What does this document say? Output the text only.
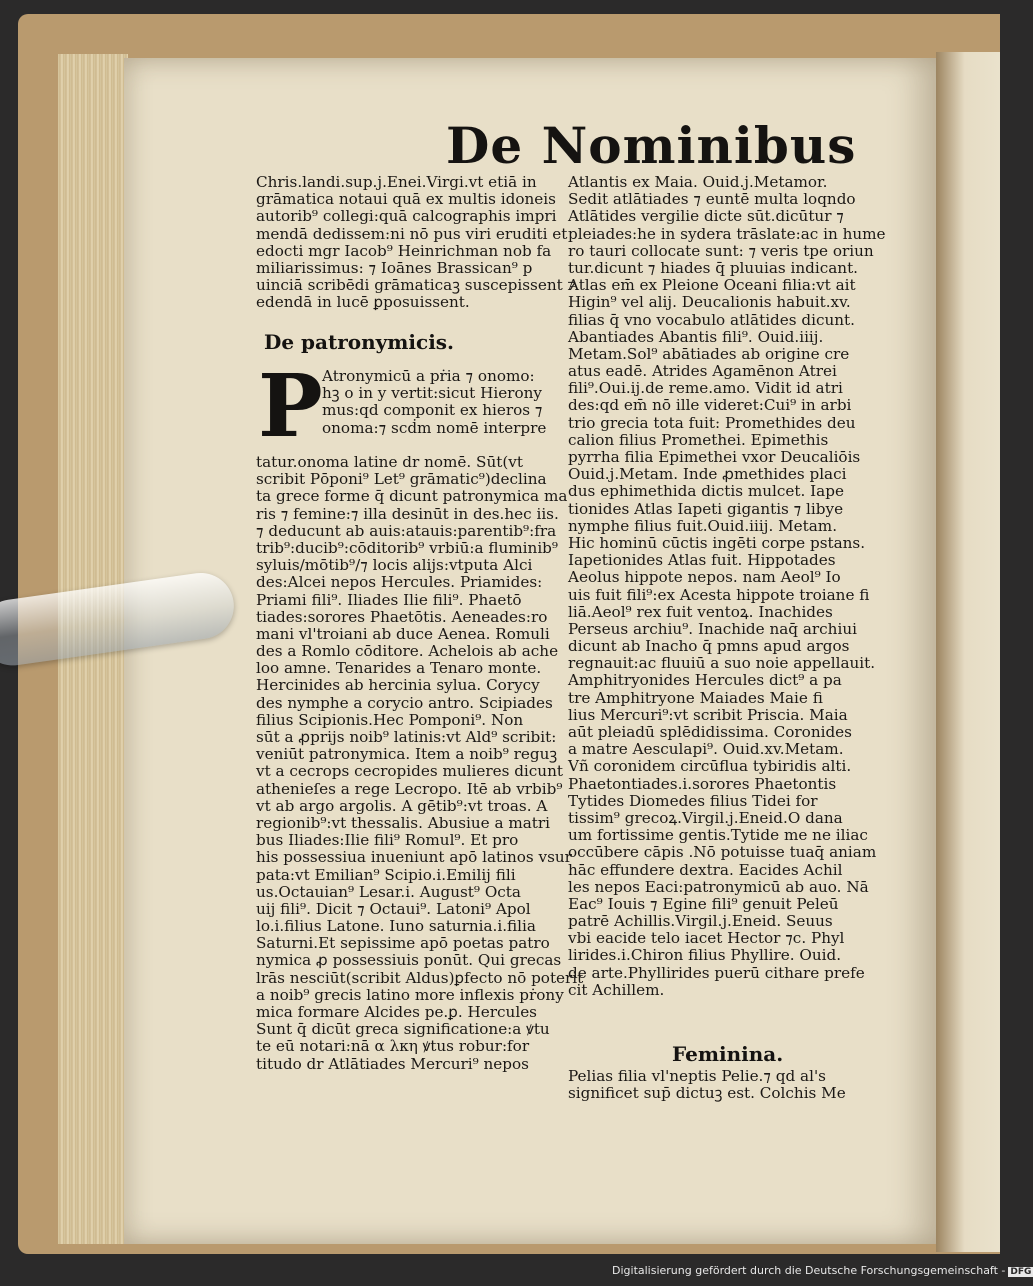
De Nominibus
Chris.landi.sup.j.Enei.Virgi.vt etiā in
grāmatica notaui quā ex multis idoneis
autorib⁹ collegi:quā calcographis impri
mendā dedissem:ni nō pus viri eruditi et
edocti mgr Iacob⁹ Heinrichman nob fa
miliarissimus: ⁊ Ioānes Brassican⁹ p
uinciā scribēdi grāmaticaꝫ suscepissent ⁊
edendā in lucē ꝑposuissent.
De patronymicis.
P Atronymicū a pṙia ⁊ onomo:
hꝫ o in y vertit:sicut Hierony
mus:qd componit ex hieros ⁊
onoma:⁊ scḋm nomē interpre
tatur.onoma latine dr nomē. Sūt(vt
scribit Pōponi⁹ Let⁹ grāmatic⁹)declina
ta grece forme q̄ dicunt patronymica ma
ris ⁊ femine:⁊ illa desinūt in des.hec iis.
⁊ deducunt ab auis:atauis:parentib⁹:fra
trib⁹:ducib⁹:cōditorib⁹ vrbiū:a fluminib⁹
syluis/mōtib⁹/⁊ locis alijs:vtputa Alci
des:Alcei nepos Hercules. Priamides:
Priami fili⁹. Iliades Ilie fili⁹. Phaetō
tiades:sorores Phaetōtis. Aeneades:ro
mani vl'troiani ab duce Aenea. Romuli
des a Romlo cōditore. Achelois ab ache
loo amne. Tenarides a Tenaro monte.
Hercinides ab hercinia sylua. Corycy
des nymphe a corycio antro. Scipiades
filius Scipionis.Hec Pomponi⁹. Non
sūt a ꝓprijs noib⁹ latinis:vt Ald⁹ scribit:
veniūt patronymica. Item a noib⁹ reguꝫ
vt a cecrops cecropides mulieres dicunt
athenieſes a rege Lecropo. Itē ab vrbib⁹
vt ab argo argolis. A gētib⁹:vt troas. A
regionib⁹:vt thessalis. Abusiue a matri
bus Iliades:Ilie fili⁹ Romul⁹. Et pro
his possessiua inueniunt apō latinos vsur
pata:vt Emilian⁹ Scipio.i.Emilij fili
us.Octauian⁹ Lesar.i. August⁹ Octa
uij fili⁹. Dicit ⁊ Octaui⁹. Latoni⁹ Apol
lo.i.filius Latone. Iuno saturnia.i.filia
Saturni.Et sepissime apō poetas patro
nymica ꝓ possessiuis ponūt. Qui grecas
lrās nesciūt(scribit Aldus)ꝑfecto nō poterit
a noib⁹ grecis latino more inflexis pṙony
mica formare Alcides pe.ꝑ. Hercules
Sunt q̄ dicūt greca significatione:a ꝟtu
te eū notari:nā α λκη ꝟtus robur:for
titudo dr Atlātiades Mercuri⁹ nepos
Atlantis ex Maia. Ouid.j.Metamor.
Sedit atlātiades ⁊ euntē multa loqndo
Atlātides vergilie dicte sūt.dicūtur ⁊
pleiades:he in sydera trāslate:ac in hume
ro tauri collocate sunt: ⁊ veris tpe oriun
tur.dicunt ⁊ hiades q̄ pluuias indicant.
Atlas em̄ ex Pleione Oceani filia:vt ait
Higin⁹ vel alij. Deucalionis habuit.xv.
filias q̄ vno vocabulo atlātides dicunt.
Abantiades Abantis fili⁹. Ouid.iiij.
Metam.Sol⁹ abātiades ab origine cre
atus eadē. Atrides Agamēnon Atrei
fili⁹.Oui.ij.de reme.amo. Vidit id atri
des:qd em̄ nō ille videret:Cui⁹ in arbi
trio grecia tota fuit: Promethides deu
calion filius Promethei. Epimethis
pyrrha filia Epimethei vxor Deucaliōis
Ouid.j.Metam. Inde ꝓmethides placi
dus ephimethida dictis mulcet. Iape
tionides Atlas Iapeti gigantis ⁊ libye
nymphe filius fuit.Ouid.iiij. Metam.
Hic hominū cūctis ingēti corpe pstans.
Iapetionides Atlas fuit. Hippotades
Aeolus hippote nepos. nam Aeol⁹ Io
uis fuit fili⁹:ex Acesta hippote troiane fi
liā.Aeol⁹ rex fuit ventoꝝ. Inachides
Perseus archiu⁹. Inachide naq̄ archiui
dicunt ab Inacho q̄ pmns apud argos
regnauit:ac fluuiū a suo noie appellauit.
Amphitryonides Hercules dict⁹ a pa
tre Amphitryone Maiades Maie fi
lius Mercuri⁹:vt scribit Priscia. Maia
aūt pleiadū splēdidissima. Coronides
a matre Aesculapi⁹. Ouid.xv.Metam.
Vñ coronidem circūflua tybiridis alti.
Phaetontiades.i.sorores Phaetontis
Tytides Diomedes filius Tidei for
tissim⁹ grecoꝝ.Virgil.j.Eneid.O dana
um fortissime gentis.Tytide me ne iliac
occūbere cāpis .Nō potuisse tuaq̄ aniam
hāc effundere dextra. Eacides Achil
les nepos Eaci:patronymicū ab auo. Nā
Eac⁹ Iouis ⁊ Egine fili⁹ genuit Peleū
patrē Achillis.Virgil.j.Eneid. Seuus
vbi eacide telo iacet Hector ⁊c. Phyl
lirides.i.Chiron filius Phyllire. Ouid.
de arte.Phyllirides puerū cithare prefe
cit Achillem.
Feminina.
Pelias filia vl'neptis Pelie.⁊ qd al's
significet sup̄ dictuꝫ est. Colchis Me
Digitalisierung gefördert durch die Deutsche Forschungsgemeinschaft - DFG
